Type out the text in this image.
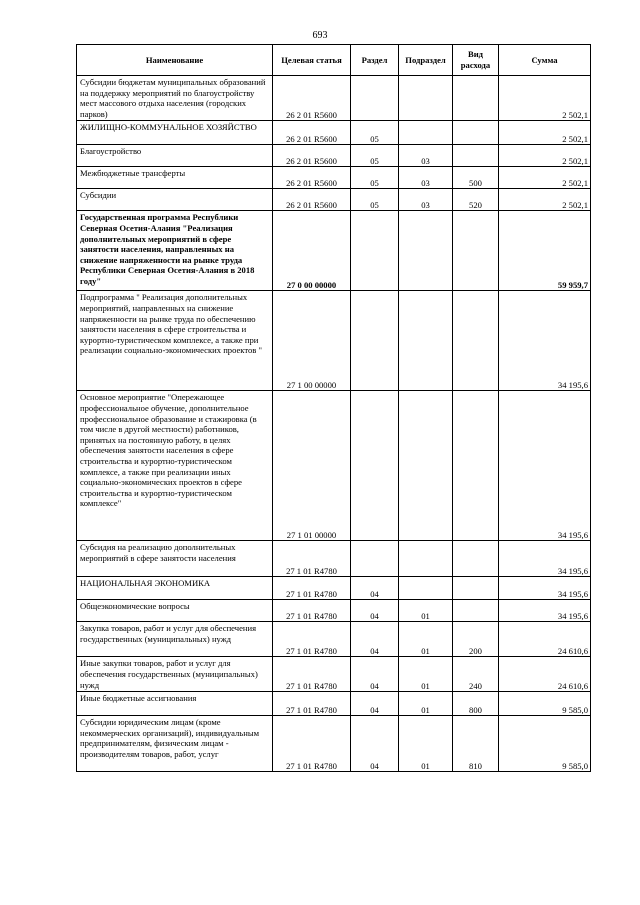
693
Наименование	Целевая статья	Раздел	Подраздел	Вид расхода	Сумма
Субсидии бюджетам муниципальных образований на поддержку мероприятий по благоустройству мест массового отдыха населения (городских парков)	26 2 01 R5600				2 502,1
ЖИЛИЩНО-КОММУНАЛЬНОЕ ХОЗЯЙСТВО	26 2 01 R5600	05			2 502,1
Благоустройство	26 2 01 R5600	05	03		2 502,1
Межбюджетные трансферты	26 2 01 R5600	05	03	500	2 502,1
Субсидии	26 2 01 R5600	05	03	520	2 502,1
Государственная программа Республики Северная Осетия-Алания "Реализация дополнительных мероприятий в сфере занятости населения, направленных на снижение напряженности на рынке труда Республики Северная Осетия-Алания в 2018 году"	27 0 00 00000				59 959,7
Подпрограмма " Реализация дополнительных мероприятий, направленных на снижение напряженности на рынке труда по обеспечению занятости населения в сфере строительства и курортно-туристическом комплексе, а также при реализации социально-экономических проектов "	27 1 00 00000				34 195,6
Основное мероприятие "Опережающее профессиональное обучение, дополнительное профессиональное образование и стажировка (в том числе в другой местности) работников, принятых на постоянную работу, в целях обеспечения занятости населения в сфере строительства и курортно-туристическом комплексе, а также при реализации иных социально-экономических проектов в сфере строительства и курортно-туристическом комплексе"	27 1 01 00000				34 195,6
Субсидия на реализацию дополнительных мероприятий в сфере занятости населения	27 1 01 R4780				34 195,6
НАЦИОНАЛЬНАЯ ЭКОНОМИКА	27 1 01 R4780	04			34 195,6
Общеэкономические вопросы	27 1 01 R4780	04	01		34 195,6
Закупка товаров, работ и услуг для обеспечения государственных (муниципальных) нужд	27 1 01 R4780	04	01	200	24 610,6
Иные закупки товаров, работ и услуг для обеспечения государственных (муниципальных) нужд	27 1 01 R4780	04	01	240	24 610,6
Иные бюджетные ассигнования	27 1 01 R4780	04	01	800	9 585,0
Субсидии юридическим лицам (кроме некоммерческих организаций), индивидуальным предпринимателям, физическим лицам - производителям товаров, работ, услуг	27 1 01 R4780	04	01	810	9 585,0
